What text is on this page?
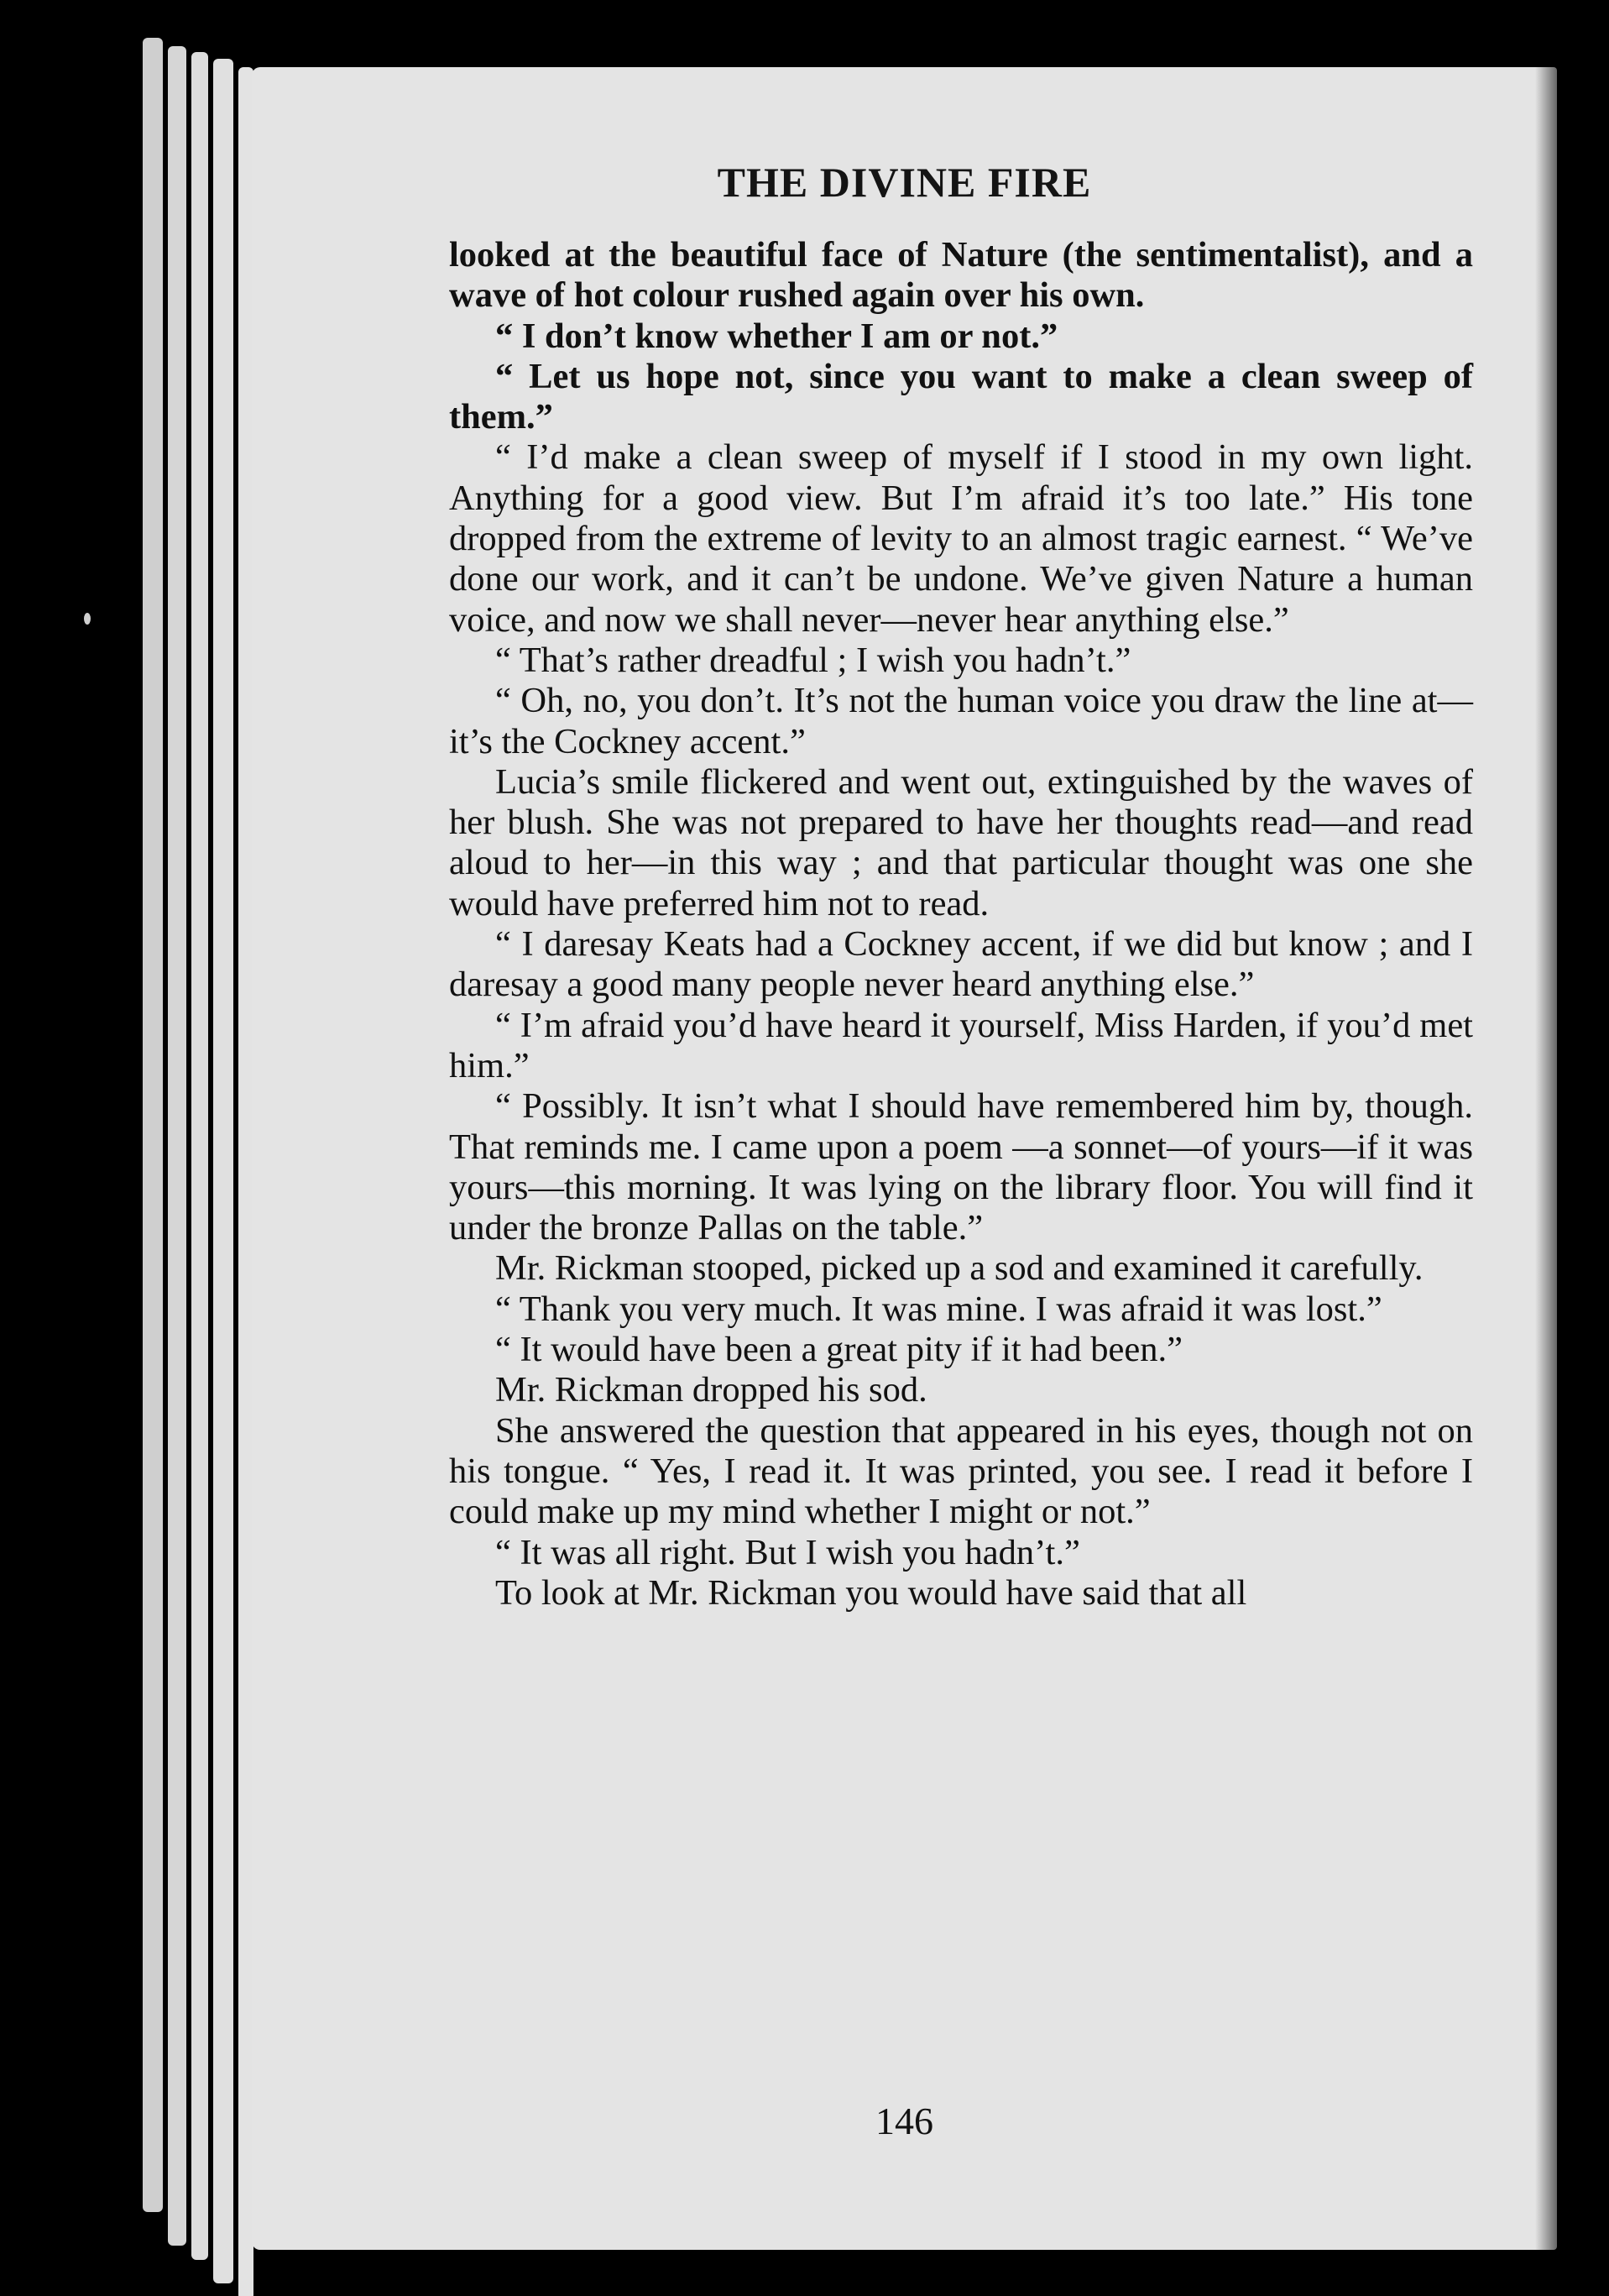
THE DIVINE FIRE

looked at the beautiful face of Nature (the sentimentalist), and a wave of hot colour rushed again over his own.

“ I don’t know whether I am or not.”

“ Let us hope not, since you want to make a clean sweep of them.”

“ I’d make a clean sweep of myself if I stood in my own light. Anything for a good view. But I’m afraid it’s too late.” His tone dropped from the extreme of levity to an almost tragic earnest. “ We’ve done our work, and it can’t be undone. We’ve given Nature a human voice, and now we shall never—never hear anything else.”

“ That’s rather dreadful ; I wish you hadn’t.”

“ Oh, no, you don’t. It’s not the human voice you draw the line at—it’s the Cockney accent.”

Lucia’s smile flickered and went out, extinguished by the waves of her blush. She was not prepared to have her thoughts read—and read aloud to her—in this way ; and that particular thought was one she would have preferred him not to read.

“ I daresay Keats had a Cockney accent, if we did but know ; and I daresay a good many people never heard anything else.”

“ I’m afraid you’d have heard it yourself, Miss Harden, if you’d met him.”

“ Possibly. It isn’t what I should have remembered him by, though. That reminds me. I came upon a poem —a sonnet—of yours—if it was yours—this morning. It was lying on the library floor. You will find it under the bronze Pallas on the table.”

Mr. Rickman stooped, picked up a sod and examined it carefully.

“ Thank you very much. It was mine. I was afraid it was lost.”

“ It would have been a great pity if it had been.”

Mr. Rickman dropped his sod.

She answered the question that appeared in his eyes, though not on his tongue. “ Yes, I read it. It was printed, you see. I read it before I could make up my mind whether I might or not.”

“ It was all right. But I wish you hadn’t.”

To look at Mr. Rickman you would have said that all

146
